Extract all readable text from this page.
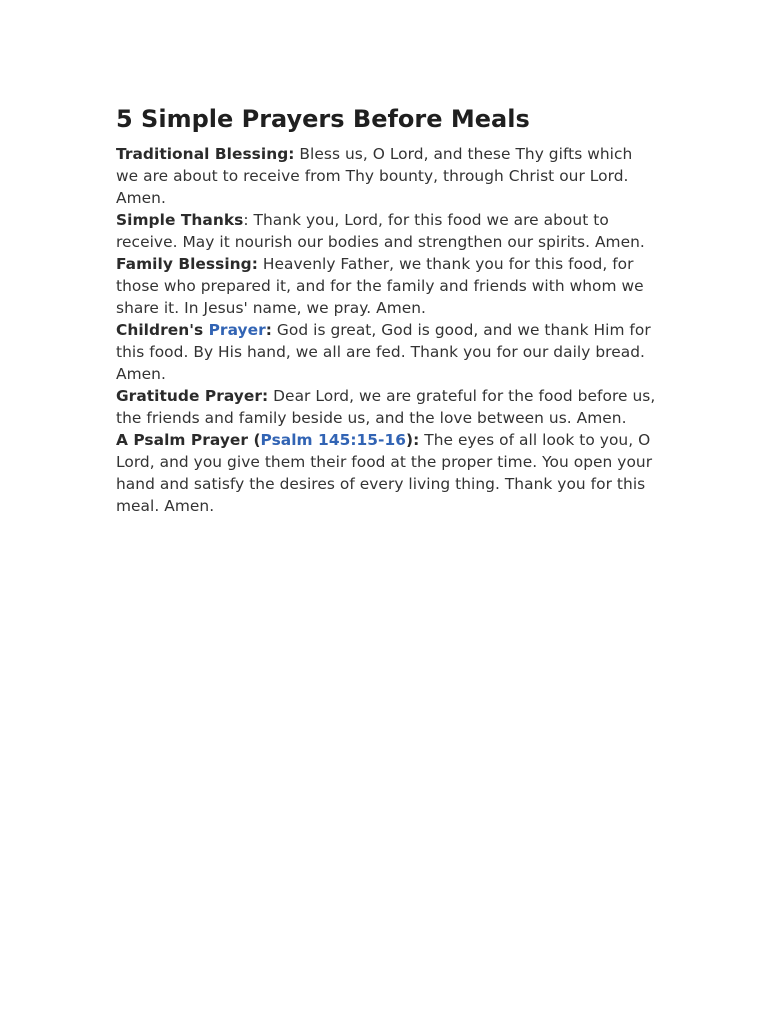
5 Simple Prayers Before Meals

Traditional Blessing: Bless us, O Lord, and these Thy gifts which we are about to receive from Thy bounty, through Christ our Lord. Amen.

Simple Thanks: Thank you, Lord, for this food we are about to receive. May it nourish our bodies and strengthen our spirits. Amen.

Family Blessing: Heavenly Father, we thank you for this food, for those who prepared it, and for the family and friends with whom we share it. In Jesus' name, we pray. Amen.

Children's Prayer: God is great, God is good, and we thank Him for this food. By His hand, we all are fed. Thank you for our daily bread. Amen.

Gratitude Prayer: Dear Lord, we are grateful for the food before us, the friends and family beside us, and the love between us. Amen.

A Psalm Prayer (Psalm 145:15-16): The eyes of all look to you, O Lord, and you give them their food at the proper time. You open your hand and satisfy the desires of every living thing. Thank you for this meal. Amen.
